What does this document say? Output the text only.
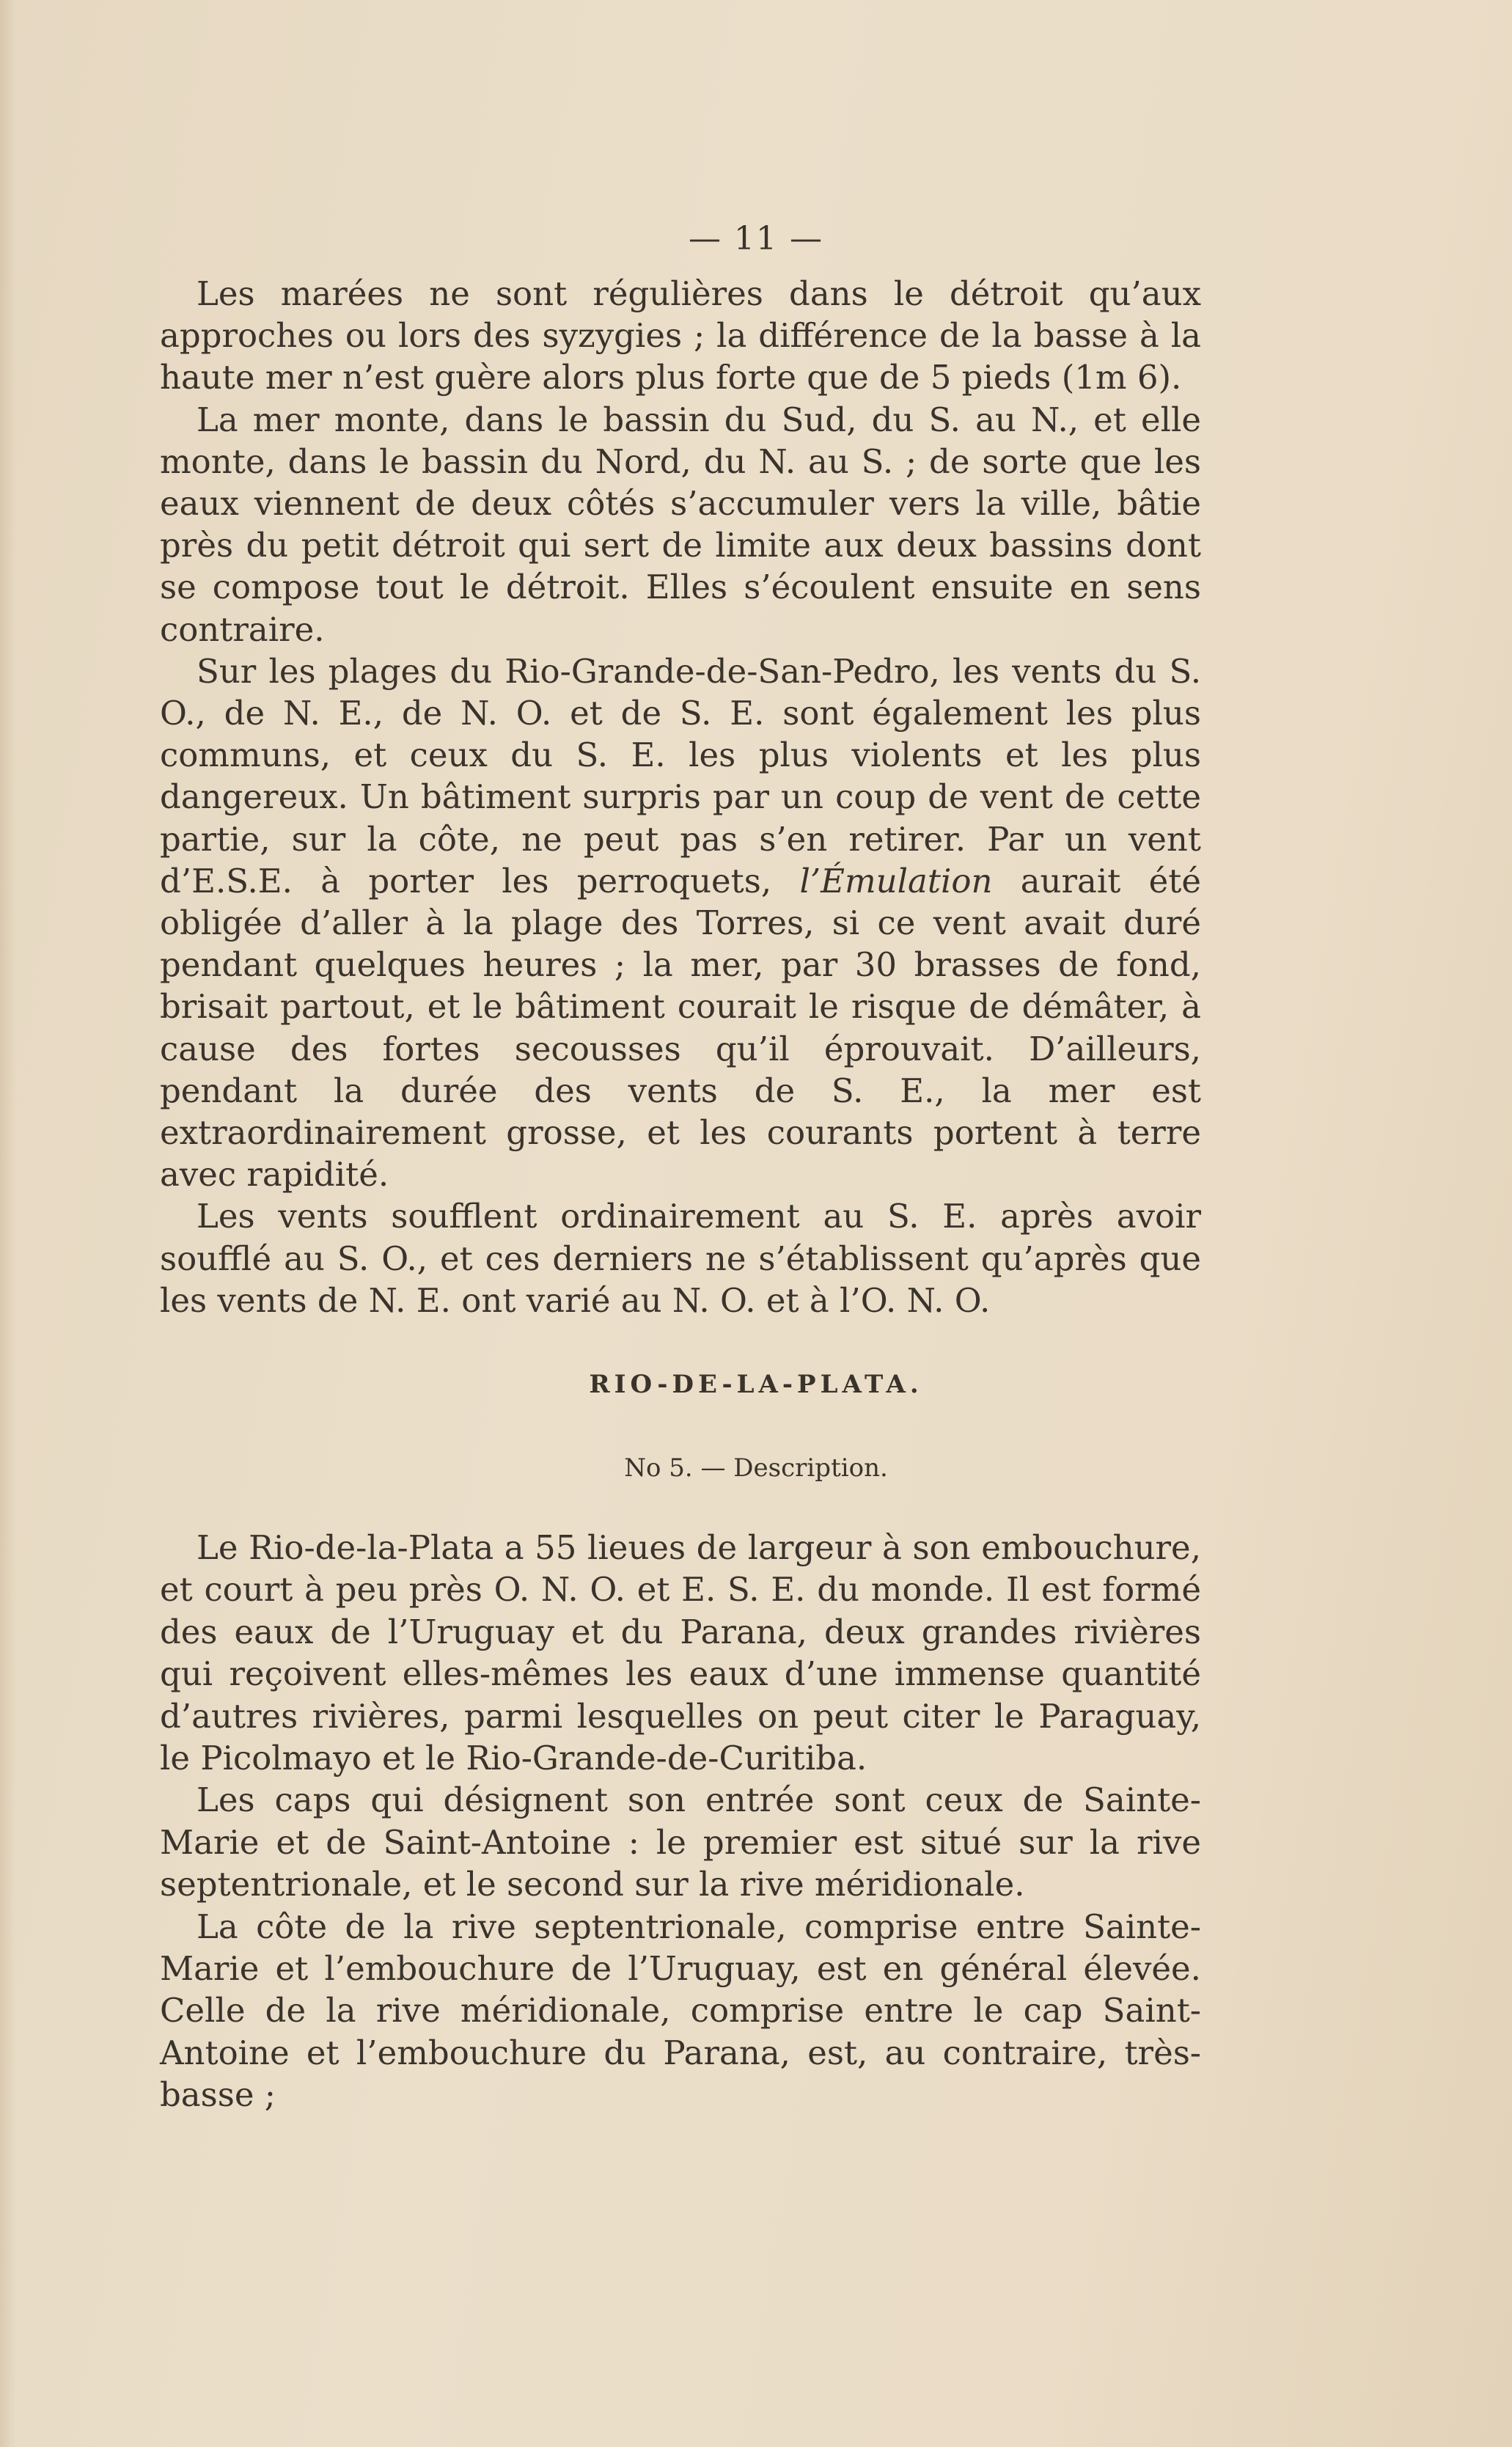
— 11 —

Les marées ne sont régulières dans le détroit qu’aux approches ou lors des syzygies ; la différence de la basse à la haute mer n’est guère alors plus forte que de 5 pieds (1m 6).

La mer monte, dans le bassin du Sud, du S. au N., et elle monte, dans le bassin du Nord, du N. au S. ; de sorte que les eaux viennent de deux côtés s’accumuler vers la ville, bâtie près du petit détroit qui sert de limite aux deux bassins dont se compose tout le détroit. Elles s’écoulent ensuite en sens contraire.

Sur les plages du Rio-Grande-de-San-Pedro, les vents du S. O., de N. E., de N. O. et de S. E. sont également les plus communs, et ceux du S. E. les plus violents et les plus dangereux. Un bâtiment surpris par un coup de vent de cette partie, sur la côte, ne peut pas s’en retirer. Par un vent d’E.S.E. à porter les perroquets, l’Émulation aurait été obligée d’aller à la plage des Torres, si ce vent avait duré pendant quelques heures ; la mer, par 30 brasses de fond, brisait partout, et le bâtiment courait le risque de démâter, à cause des fortes secousses qu’il éprouvait. D’ailleurs, pendant la durée des vents de S. E., la mer est extraordinairement grosse, et les courants portent à terre avec rapidité.

Les vents soufflent ordinairement au S. E. après avoir soufflé au S. O., et ces derniers ne s’établissent qu’après que les vents de N. E. ont varié au N. O. et à l’O. N. O.

RIO-DE-LA-PLATA.
No 5. — Description.

Le Rio-de-la-Plata a 55 lieues de largeur à son embouchure, et court à peu près O. N. O. et E. S. E. du monde. Il est formé des eaux de l’Uruguay et du Parana, deux grandes rivières qui reçoivent elles-mêmes les eaux d’une immense quantité d’autres rivières, parmi lesquelles on peut citer le Paraguay, le Picolmayo et le Rio-Grande-de-Curitiba.

Les caps qui désignent son entrée sont ceux de Sainte-Marie et de Saint-Antoine : le premier est situé sur la rive septentrionale, et le second sur la rive méridionale.

La côte de la rive septentrionale, comprise entre Sainte-Marie et l’embouchure de l’Uruguay, est en général élevée. Celle de la rive méridionale, comprise entre le cap Saint-Antoine et l’embouchure du Parana, est, au contraire, très-basse ;
